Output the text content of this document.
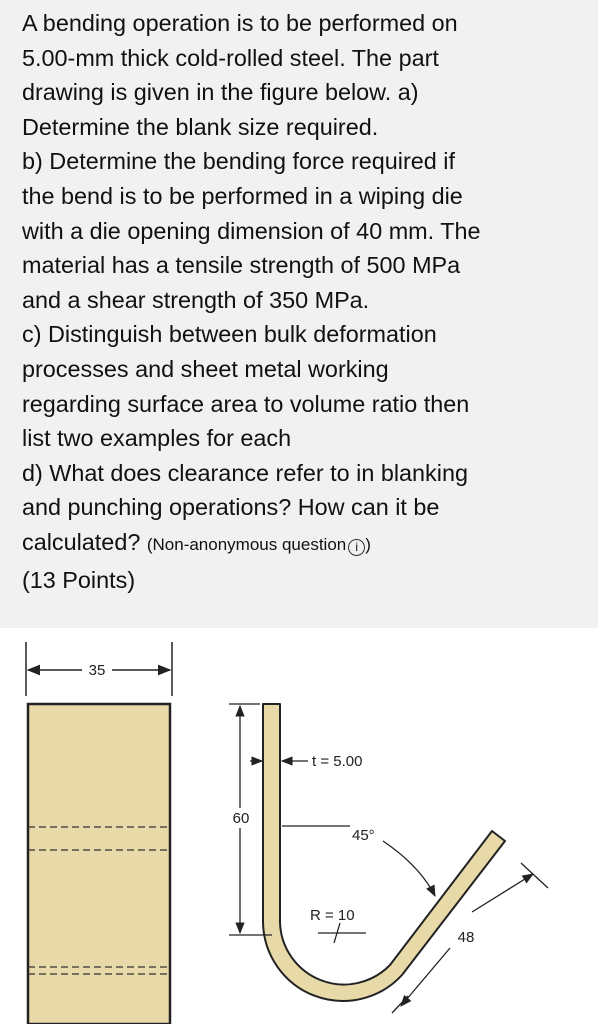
A bending operation is to be performed on
5.00-mm thick cold-rolled steel. The part
drawing is given in the figure below. a)
Determine the blank size required.
b) Determine the bending force required if
the bend is to be performed in a wiping die
with a die opening dimension of 40 mm. The
material has a tensile strength of 500 MPa
and a shear strength of 350 MPa.
c) Distinguish between bulk deformation
processes and sheet metal working
regarding surface area to volume ratio then
list two examples for each
d) What does clearance refer to in blanking
and punching operations? How can it be
calculated? (Non-anonymous question i )
(13 Points)
35
60
t = 5.00
45°
R = 10
48
